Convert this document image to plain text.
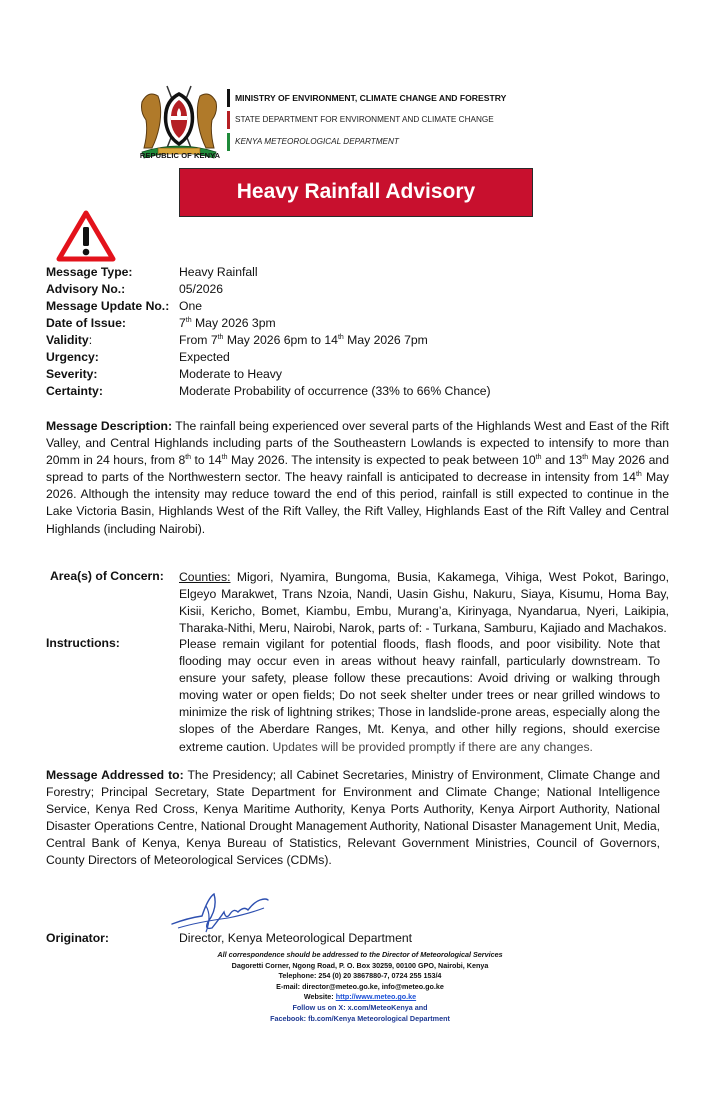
REPUBLIC OF KENYA
MINISTRY OF ENVIRONMENT, CLIMATE CHANGE AND FORESTRY
STATE DEPARTMENT FOR ENVIRONMENT AND CLIMATE CHANGE
KENYA METEOROLOGICAL DEPARTMENT
Heavy Rainfall Advisory
Message Type:	Heavy Rainfall
Advisory No.:	05/2026
Message Update No.: One
Date of Issue:	7th May 2026 3pm
Validity:	From 7th May 2026 6pm to 14th May 2026 7pm
Urgency:	Expected
Severity:	Moderate to Heavy
Certainty:	Moderate Probability of occurrence (33% to 66% Chance)
Message Description: The rainfall being experienced over several parts of the Highlands West and East of the Rift Valley, and Central Highlands including parts of the Southeastern Lowlands is expected to intensify to more than 20mm in 24 hours, from 8th to 14th May 2026. The intensity is expected to peak between 10th and 13th May 2026 and spread to parts of the Northwestern sector. The heavy rainfall is anticipated to decrease in intensity from 14th May 2026. Although the intensity may reduce toward the end of this period, rainfall is still expected to continue in the Lake Victoria Basin, Highlands West of the Rift Valley, the Rift Valley, Highlands East of the Rift Valley and Central Highlands (including Nairobi).
Area(s) of Concern: Counties: Migori, Nyamira, Bungoma, Busia, Kakamega, Vihiga, West Pokot, Baringo, Elgeyo Marakwet, Trans Nzoia, Nandi, Uasin Gishu, Nakuru, Siaya, Kisumu, Homa Bay, Kisii, Kericho, Bomet, Kiambu, Embu, Murang’a, Kirinyaga, Nyandarua, Nyeri, Laikipia, Tharaka-Nithi, Meru, Nairobi, Narok, parts of: - Turkana, Samburu, Kajiado and Machakos.
Instructions:	Please remain vigilant for potential floods, flash floods, and poor visibility. Note that flooding may occur even in areas without heavy rainfall, particularly downstream. To ensure your safety, please follow these precautions: Avoid driving or walking through moving water or open fields; Do not seek shelter under trees or near grilled windows to minimize the risk of lightning strikes; Those in landslide-prone areas, especially along the slopes of the Aberdare Ranges, Mt. Kenya, and other hilly regions, should exercise extreme caution. Updates will be provided promptly if there are any changes.
Message Addressed to: The Presidency; all Cabinet Secretaries, Ministry of Environment, Climate Change and Forestry; Principal Secretary, State Department for Environment and Climate Change; National Intelligence Service, Kenya Red Cross, Kenya Maritime Authority, Kenya Ports Authority, Kenya Airport Authority, National Disaster Operations Centre, National Drought Management Authority, National Disaster Management Unit, Media, Central Bank of Kenya, Kenya Bureau of Statistics, Relevant Government Ministries, Council of Governors, County Directors of Meteorological Services (CDMs).
Originator:	Director, Kenya Meteorological Department
All correspondence should be addressed to the Director of Meteorological Services
Dagoretti Corner, Ngong Road, P. O. Box 30259, 00100 GPO, Nairobi, Kenya
Telephone: 254 (0) 20 3867880-7, 0724 255 153/4
E-mail: director@meteo.go.ke, info@meteo.go.ke
Website: http://www.meteo.go.ke
Follow us on X: x.com/MeteoKenya and
Facebook: fb.com/Kenya Meteorological Department
